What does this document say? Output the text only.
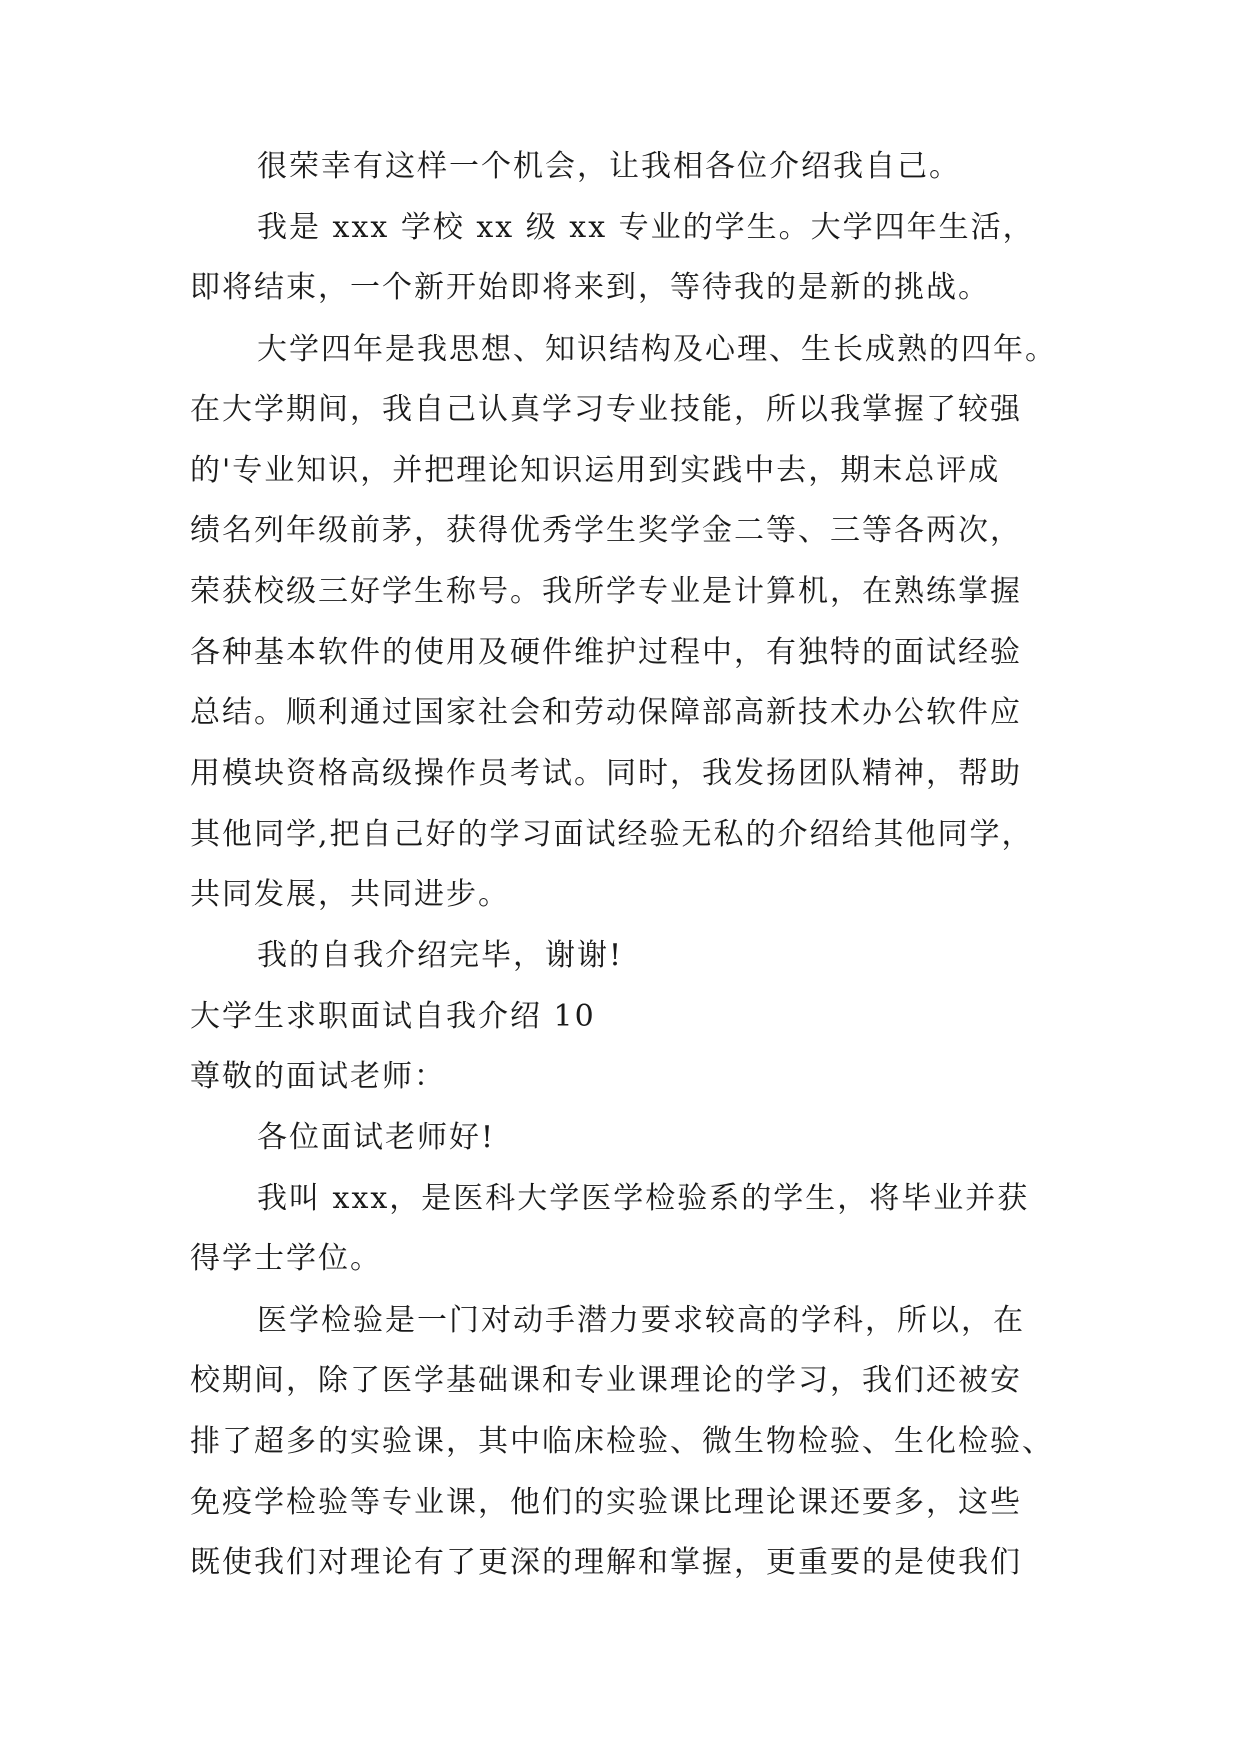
很荣幸有这样一个机会，让我相各位介绍我自己。
我是 xxx 学校 xx 级 xx 专业的学生。大学四年生活，
即将结束，一个新开始即将来到，等待我的是新的挑战。
大学四年是我思想、知识结构及心理、生长成熟的四年。
在大学期间，我自己认真学习专业技能，所以我掌握了较强
的'专业知识，并把理论知识运用到实践中去，期末总评成
绩名列年级前茅，获得优秀学生奖学金二等、三等各两次，
荣获校级三好学生称号。我所学专业是计算机，在熟练掌握
各种基本软件的使用及硬件维护过程中，有独特的面试经验
总结。顺利通过国家社会和劳动保障部高新技术办公软件应
用模块资格高级操作员考试。同时，我发扬团队精神，帮助
其他同学,把自己好的学习面试经验无私的介绍给其他同学，
共同发展，共同进步。
我的自我介绍完毕，谢谢!
大学生求职面试自我介绍 10
尊敬的面试老师：
各位面试老师好!
我叫 xxx，是医科大学医学检验系的学生，将毕业并获
得学士学位。
医学检验是一门对动手潜力要求较高的学科，所以，在
校期间，除了医学基础课和专业课理论的学习，我们还被安
排了超多的实验课，其中临床检验、微生物检验、生化检验、
免疫学检验等专业课，他们的实验课比理论课还要多，这些
既使我们对理论有了更深的理解和掌握，更重要的是使我们
